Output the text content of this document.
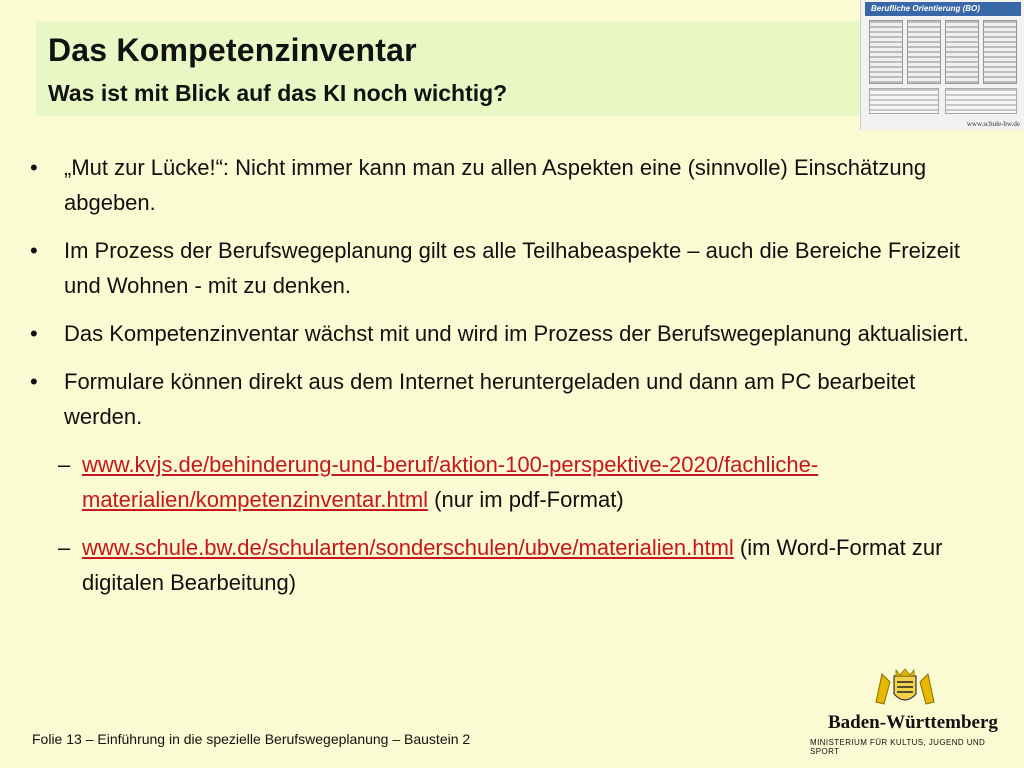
Das Kompetenzinventar
Was ist mit Blick auf das KI noch wichtig?
Berufliche Orientierung (BO)
www.schule-bw.de
•	„Mut zur Lücke!“: Nicht immer kann man zu allen Aspekten eine (sinnvolle) Einschätzung abgeben.
•	Im Prozess der Berufswegeplanung gilt es alle Teilhabeaspekte – auch die Bereiche Freizeit und Wohnen - mit zu denken.
•	Das Kompetenzinventar wächst mit und wird im Prozess der Berufswegeplanung aktualisiert.
•	Formulare können direkt aus dem Internet heruntergeladen und dann am PC bearbeitet werden.
– www.kvjs.de/behinderung-und-beruf/aktion-100-perspektive-2020/fachliche-materialien/kompetenzinventar.html (nur im pdf-Format)
– www.schule.bw.de/schularten/sonderschulen/ubve/materialien.html (im Word-Format zur digitalen Bearbeitung)
Folie 13 – Einführung in die spezielle Berufswegeplanung – Baustein 2
Baden-Württemberg
MINISTERIUM FÜR KULTUS, JUGEND UND SPORT
